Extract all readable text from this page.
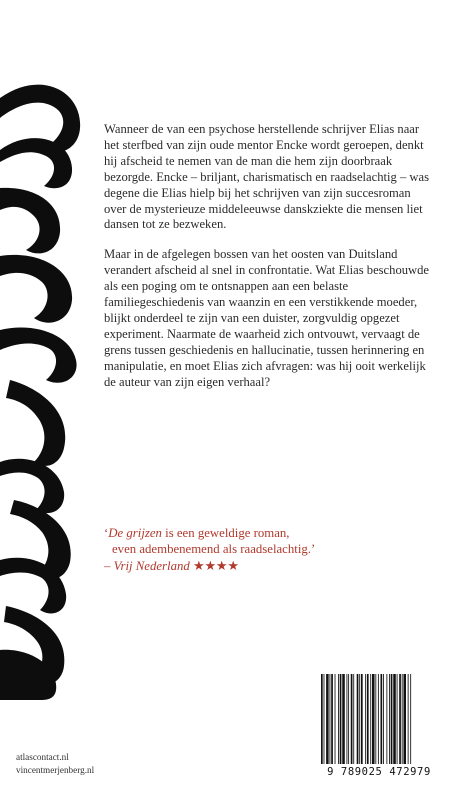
Wanneer de van een psychose herstellende schrijver Elias naar het sterfbed van zijn oude mentor Encke wordt geroepen, denkt hij afscheid te nemen van de man die hem zijn doorbraak bezorgde. Encke – briljant, charismatisch en raadselachtig – was degene die Elias hielp bij het schrijven van zijn succesroman over de mysterieuze middeleeuwse danskziekte die mensen liet dansen tot ze bezweken.

Maar in de afgelegen bossen van het oosten van Duitsland verandert afscheid al snel in confrontatie. Wat Elias beschouwde als een poging om te ontsnappen aan een belaste familiegeschiedenis van waanzin en een verstikkende moeder, blijkt onderdeel te zijn van een duister, zorgvuldig opgezet experiment. Naarmate de waarheid zich ontvouwt, vervaagt de grens tussen geschiedenis en hallucinatie, tussen herinnering en manipulatie, en moet Elias zich afvragen: was hij ooit werkelijk de auteur van zijn eigen verhaal?

‘De grijzen is een geweldige roman,
even adembenemend als raadselachtig.’
– Vrij Nederland ★★★★
atlascontact.nl
vincentmerjenberg.nl	9 789025 472979
